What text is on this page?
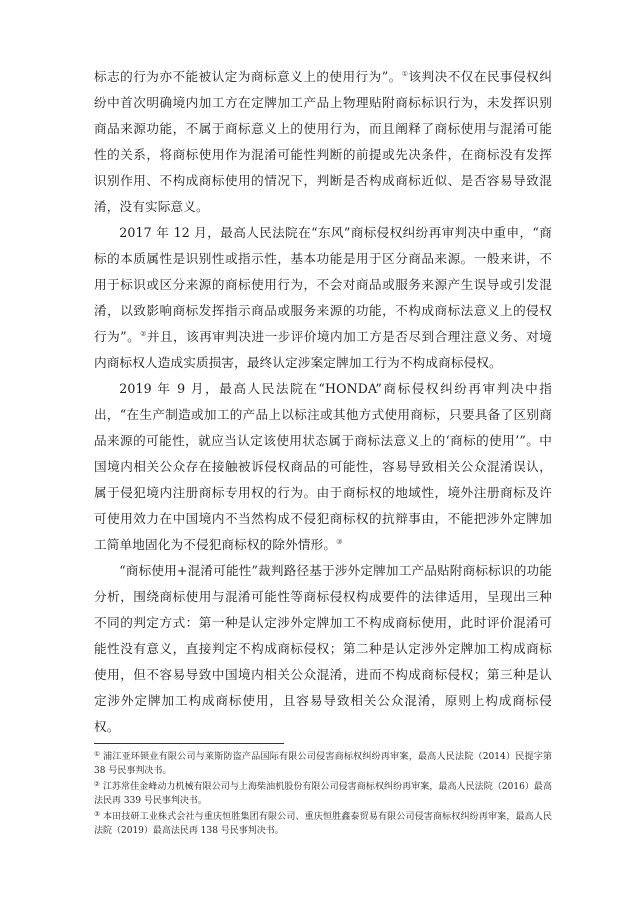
标志的行为亦不能被认定为商标意义上的使用行为”。①该判决不仅在民事侵权纠纷中首次明确境内加工方在定牌加工产品上物理贴附商标标识行为，未发挥识别商品来源功能，不属于商标意义上的使用行为，而且阐释了商标使用与混淆可能性的关系，将商标使用作为混淆可能性判断的前提或先决条件，在商标没有发挥识别作用、不构成商标使用的情况下，判断是否构成商标近似、是否容易导致混淆，没有实际意义。

2017 年 12 月，最高人民法院在“东风”商标侵权纠纷再审判决中重申，“商标的本质属性是识别性或指示性，基本功能是用于区分商品来源。一般来讲，不用于标识或区分来源的商标使用行为，不会对商品或服务来源产生误导或引发混淆，以致影响商标发挥指示商品或服务来源的功能，不构成商标法意义上的侵权行为”。②并且，该再审判决进一步评价境内加工方是否尽到合理注意义务、对境内商标权人造成实质损害，最终认定涉案定牌加工行为不构成商标侵权。

2019 年 9 月，最高人民法院在“HONDA”商标侵权纠纷再审判决中指出，“在生产制造或加工的产品上以标注或其他方式使用商标，只要具备了区别商品来源的可能性，就应当认定该使用状态属于商标法意义上的‘商标的使用’”。中国境内相关公众存在接触被诉侵权商品的可能性，容易导致相关公众混淆误认，属于侵犯境内注册商标专用权的行为。由于商标权的地域性，境外注册商标及许可使用效力在中国境内不当然构成不侵犯商标权的抗辩事由，不能把涉外定牌加工简单地固化为不侵犯商标权的除外情形。③

“商标使用+混淆可能性”裁判路径基于涉外定牌加工产品贴附商标标识的功能分析，围绕商标使用与混淆可能性等商标侵权构成要件的法律适用，呈现出三种不同的判定方式：第一种是认定涉外定牌加工不构成商标使用，此时评价混淆可能性没有意义，直接判定不构成商标侵权；第二种是认定涉外定牌加工构成商标使用，但不容易导致中国境内相关公众混淆，进而不构成商标侵权；第三种是认定涉外定牌加工构成商标使用，且容易导致相关公众混淆，原则上构成商标侵权。

① 浦江亚环锁业有限公司与莱斯防盗产品国际有限公司侵害商标权纠纷再审案，最高人民法院（2014）民提字第 38 号民事判决书。

② 江苏常佳金峰动力机械有限公司与上海柴油机股份有限公司侵害商标权纠纷再审案，最高人民法院（2016）最高法民再 339 号民事判决书。

③ 本田技研工业株式会社与重庆恒胜集团有限公司、重庆恒胜鑫泰贸易有限公司侵害商标权纠纷再审案，最高人民法院（2019）最高法民再 138 号民事判决书。
